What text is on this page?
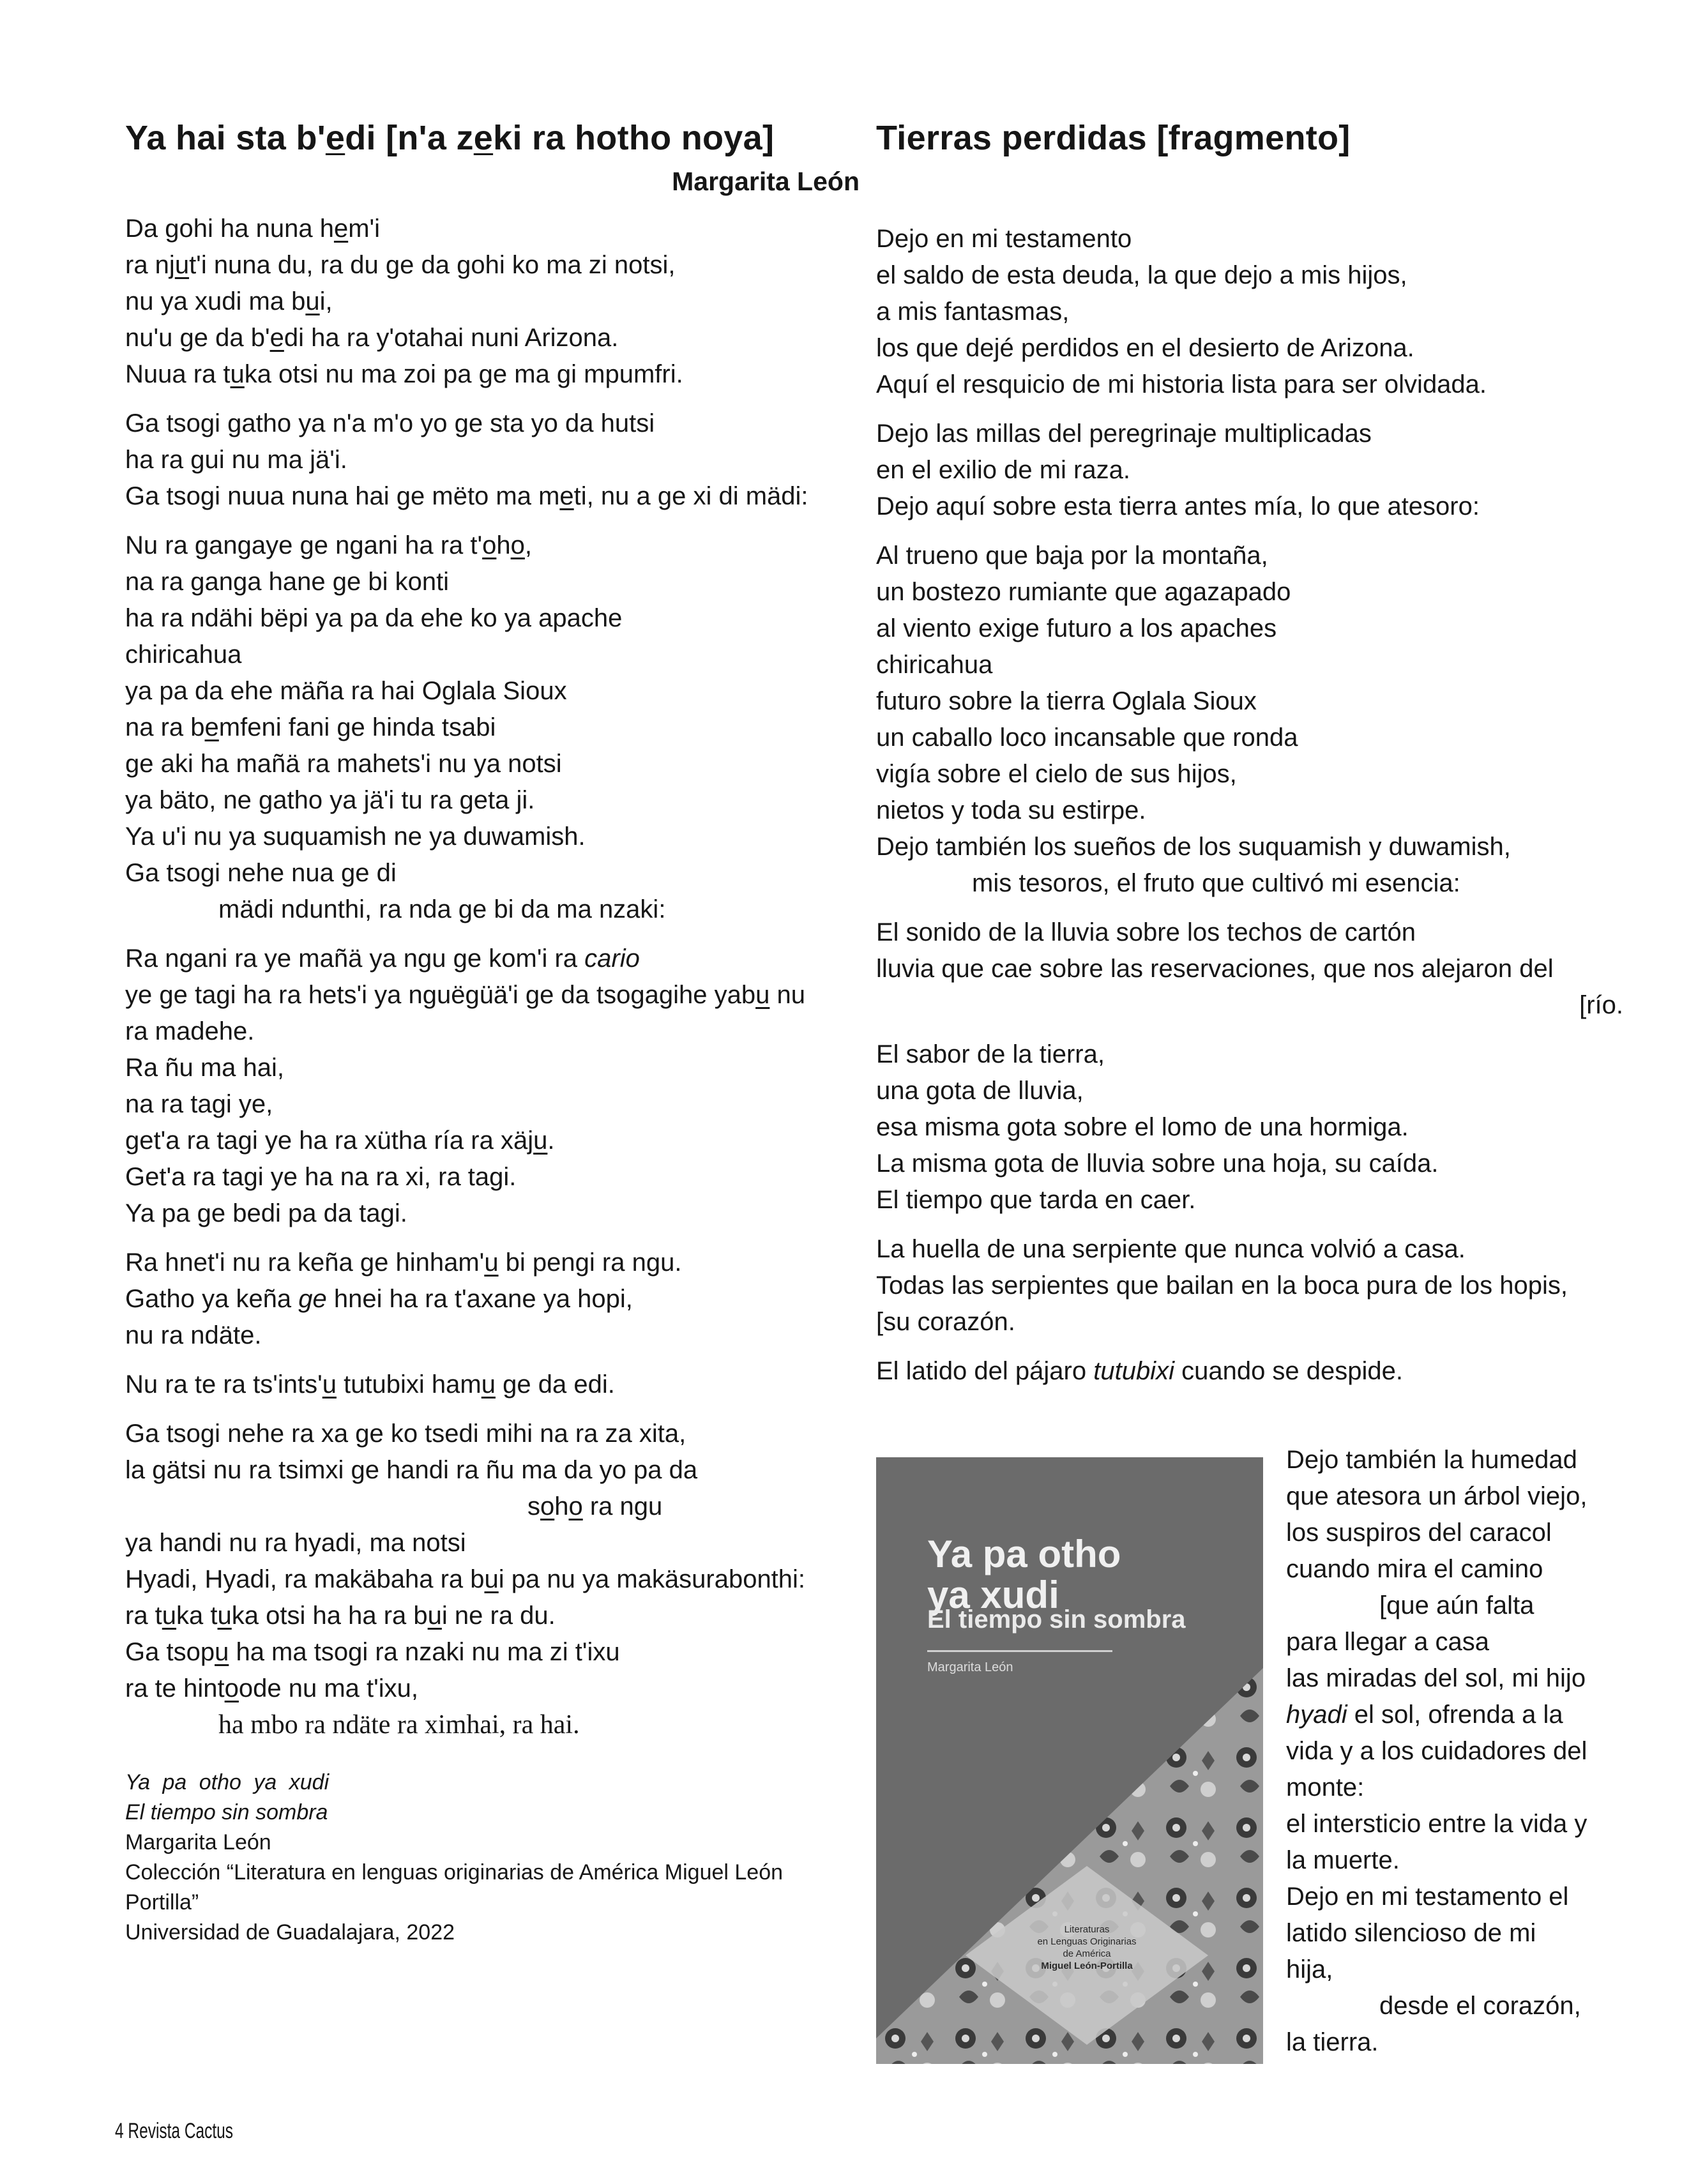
Ya hai sta b'edi [n'a zeki ra hotho noya]
Margarita León
Da gohi ha nuna hem'i
ra njut'i nuna du, ra du ge da gohi ko ma zi notsi,
nu ya xudi ma bui,
nu'u ge da b'edi ha ra y'otahai nuni Arizona.
Nuua ra tuka otsi nu ma zoi pa ge ma gi mpumfri.
Ga tsogi gatho ya n'a m'o yo ge sta yo da hutsi
ha ra gui nu ma jä'i.
Ga tsogi nuua nuna hai ge mëto ma meti, nu a ge xi di mädi:
Nu ra gangaye ge ngani ha ra t'oho,
na ra ganga hane ge bi konti
ha ra ndähi bëpi ya pa da ehe ko ya apache
chiricahua
ya pa da ehe mäña ra hai Oglala Sioux
na ra bemfeni fani ge hinda tsabi
ge aki ha mañä ra mahets'i nu ya notsi
ya bäto, ne gatho ya jä'i tu ra geta ji.
Ya u'i nu ya suquamish ne ya duwamish.
Ga tsogi nehe nua ge di
mädi ndunthi, ra nda ge bi da ma nzaki:
Ra ngani ra ye mañä ya ngu ge kom'i ra cario
ye ge tagi ha ra hets'i ya nguëgüä'i ge da tsogagihe yabu nu
ra madehe.
Ra ñu ma hai,
na ra tagi ye,
get'a ra tagi ye ha ra xütha ría ra xäju.
Get'a ra tagi ye ha na ra xi, ra tagi.
Ya pa ge bedi pa da tagi.
Ra hnet'i nu ra keña ge hinham'u bi pengi ra ngu.
Gatho ya keña ge hnei ha ra t'axane ya hopi,
nu ra ndäte.
Nu ra te ra ts'ints'u tutubixi hamu ge da edi.
Ga tsogi nehe ra xa ge ko tsedi mihi na ra za xita,
la gätsi nu ra tsimxi ge handi ra ñu ma da yo pa da
soho ra ngu
ya handi nu ra hyadi, ma notsi
Hyadi, Hyadi, ra makäbaha ra bui pa nu ya makäsurabonthi:
ra tuka tuka otsi ha ha ra bui ne ra du.
Ga tsopu ha ma tsogi ra nzaki nu ma zi t'ixu
ra te hintoode nu ma t'ixu,
ha mbo ra ndäte ra ximhai, ra hai.
Ya pa otho ya xudi
El tiempo sin sombra
Margarita León
Colección “Literatura en lenguas originarias de América Miguel León Portilla”
Universidad de Guadalajara, 2022
Tierras perdidas [fragmento]
Dejo en mi testamento
el saldo de esta deuda, la que dejo a mis hijos,
a mis fantasmas,
los que dejé perdidos en el desierto de Arizona.
Aquí el resquicio de mi historia lista para ser olvidada.
Dejo las millas del peregrinaje multiplicadas
en el exilio de mi raza.
Dejo aquí sobre esta tierra antes mía, lo que atesoro:
Al trueno que baja por la montaña,
un bostezo rumiante que agazapado
al viento exige futuro a los apaches
chiricahua
futuro sobre la tierra Oglala Sioux
un caballo loco incansable que ronda
vigía sobre el cielo de sus hijos,
nietos y toda su estirpe.
Dejo también los sueños de los suquamish y duwamish,
mis tesoros, el fruto que cultivó mi esencia:
El sonido de la lluvia sobre los techos de cartón
lluvia que cae sobre las reservaciones, que nos alejaron del
[río.
El sabor de la tierra,
una gota de lluvia,
esa misma gota sobre el lomo de una hormiga.
La misma gota de lluvia sobre una hoja, su caída.
El tiempo que tarda en caer.
La huella de una serpiente que nunca volvió a casa.
Todas las serpientes que bailan en la boca pura de los hopis,
[su corazón.
El latido del pájaro tutubixi cuando se despide.
Ya pa otho
ya xudi
El tiempo sin sombra
Margarita León
Literaturas
en Lenguas Originarias
de América
Miguel León-Portilla
Dejo también la humedad
que atesora un árbol viejo,
los suspiros del caracol
cuando mira el camino
[que aún falta
para llegar a casa
las miradas del sol, mi hijo
hyadi el sol, ofrenda a la
vida y a los cuidadores del
monte:
el intersticio entre la vida y
la muerte.
Dejo en mi testamento el
latido silencioso de mi
hija,
desde el corazón,
la tierra.
4 Revista Cactus
